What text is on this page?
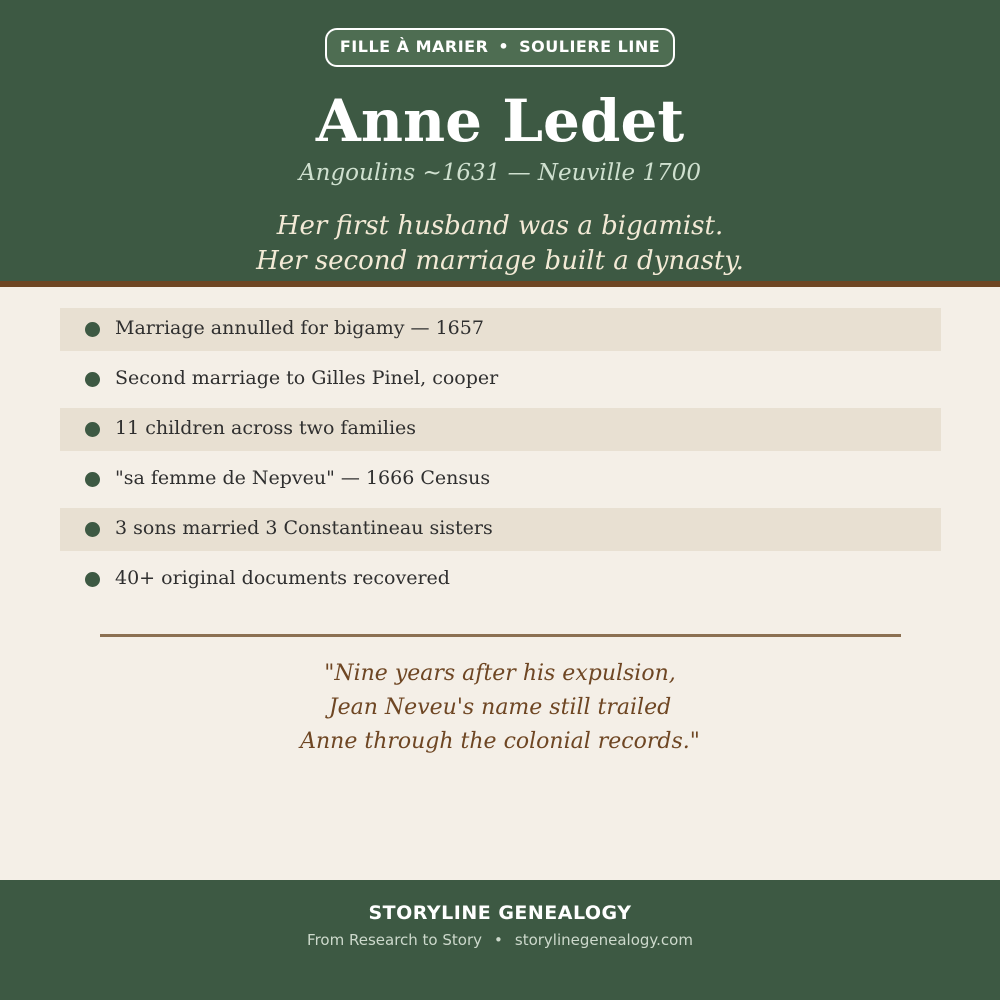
FILLE À MARIER • SOULIERE LINE
Anne Ledet
Angoulins ~1631 — Neuville 1700
Her first husband was a bigamist.
Her second marriage built a dynasty.
Marriage annulled for bigamy — 1657
Second marriage to Gilles Pinel, cooper
11 children across two families
"sa femme de Nepveu" — 1666 Census
3 sons married 3 Constantineau sisters
40+ original documents recovered
"Nine years after his expulsion,
Jean Neveu's name still trailed
Anne through the colonial records."
STORYLINE GENEALOGY
From Research to Story • storylinegenealogy.com
